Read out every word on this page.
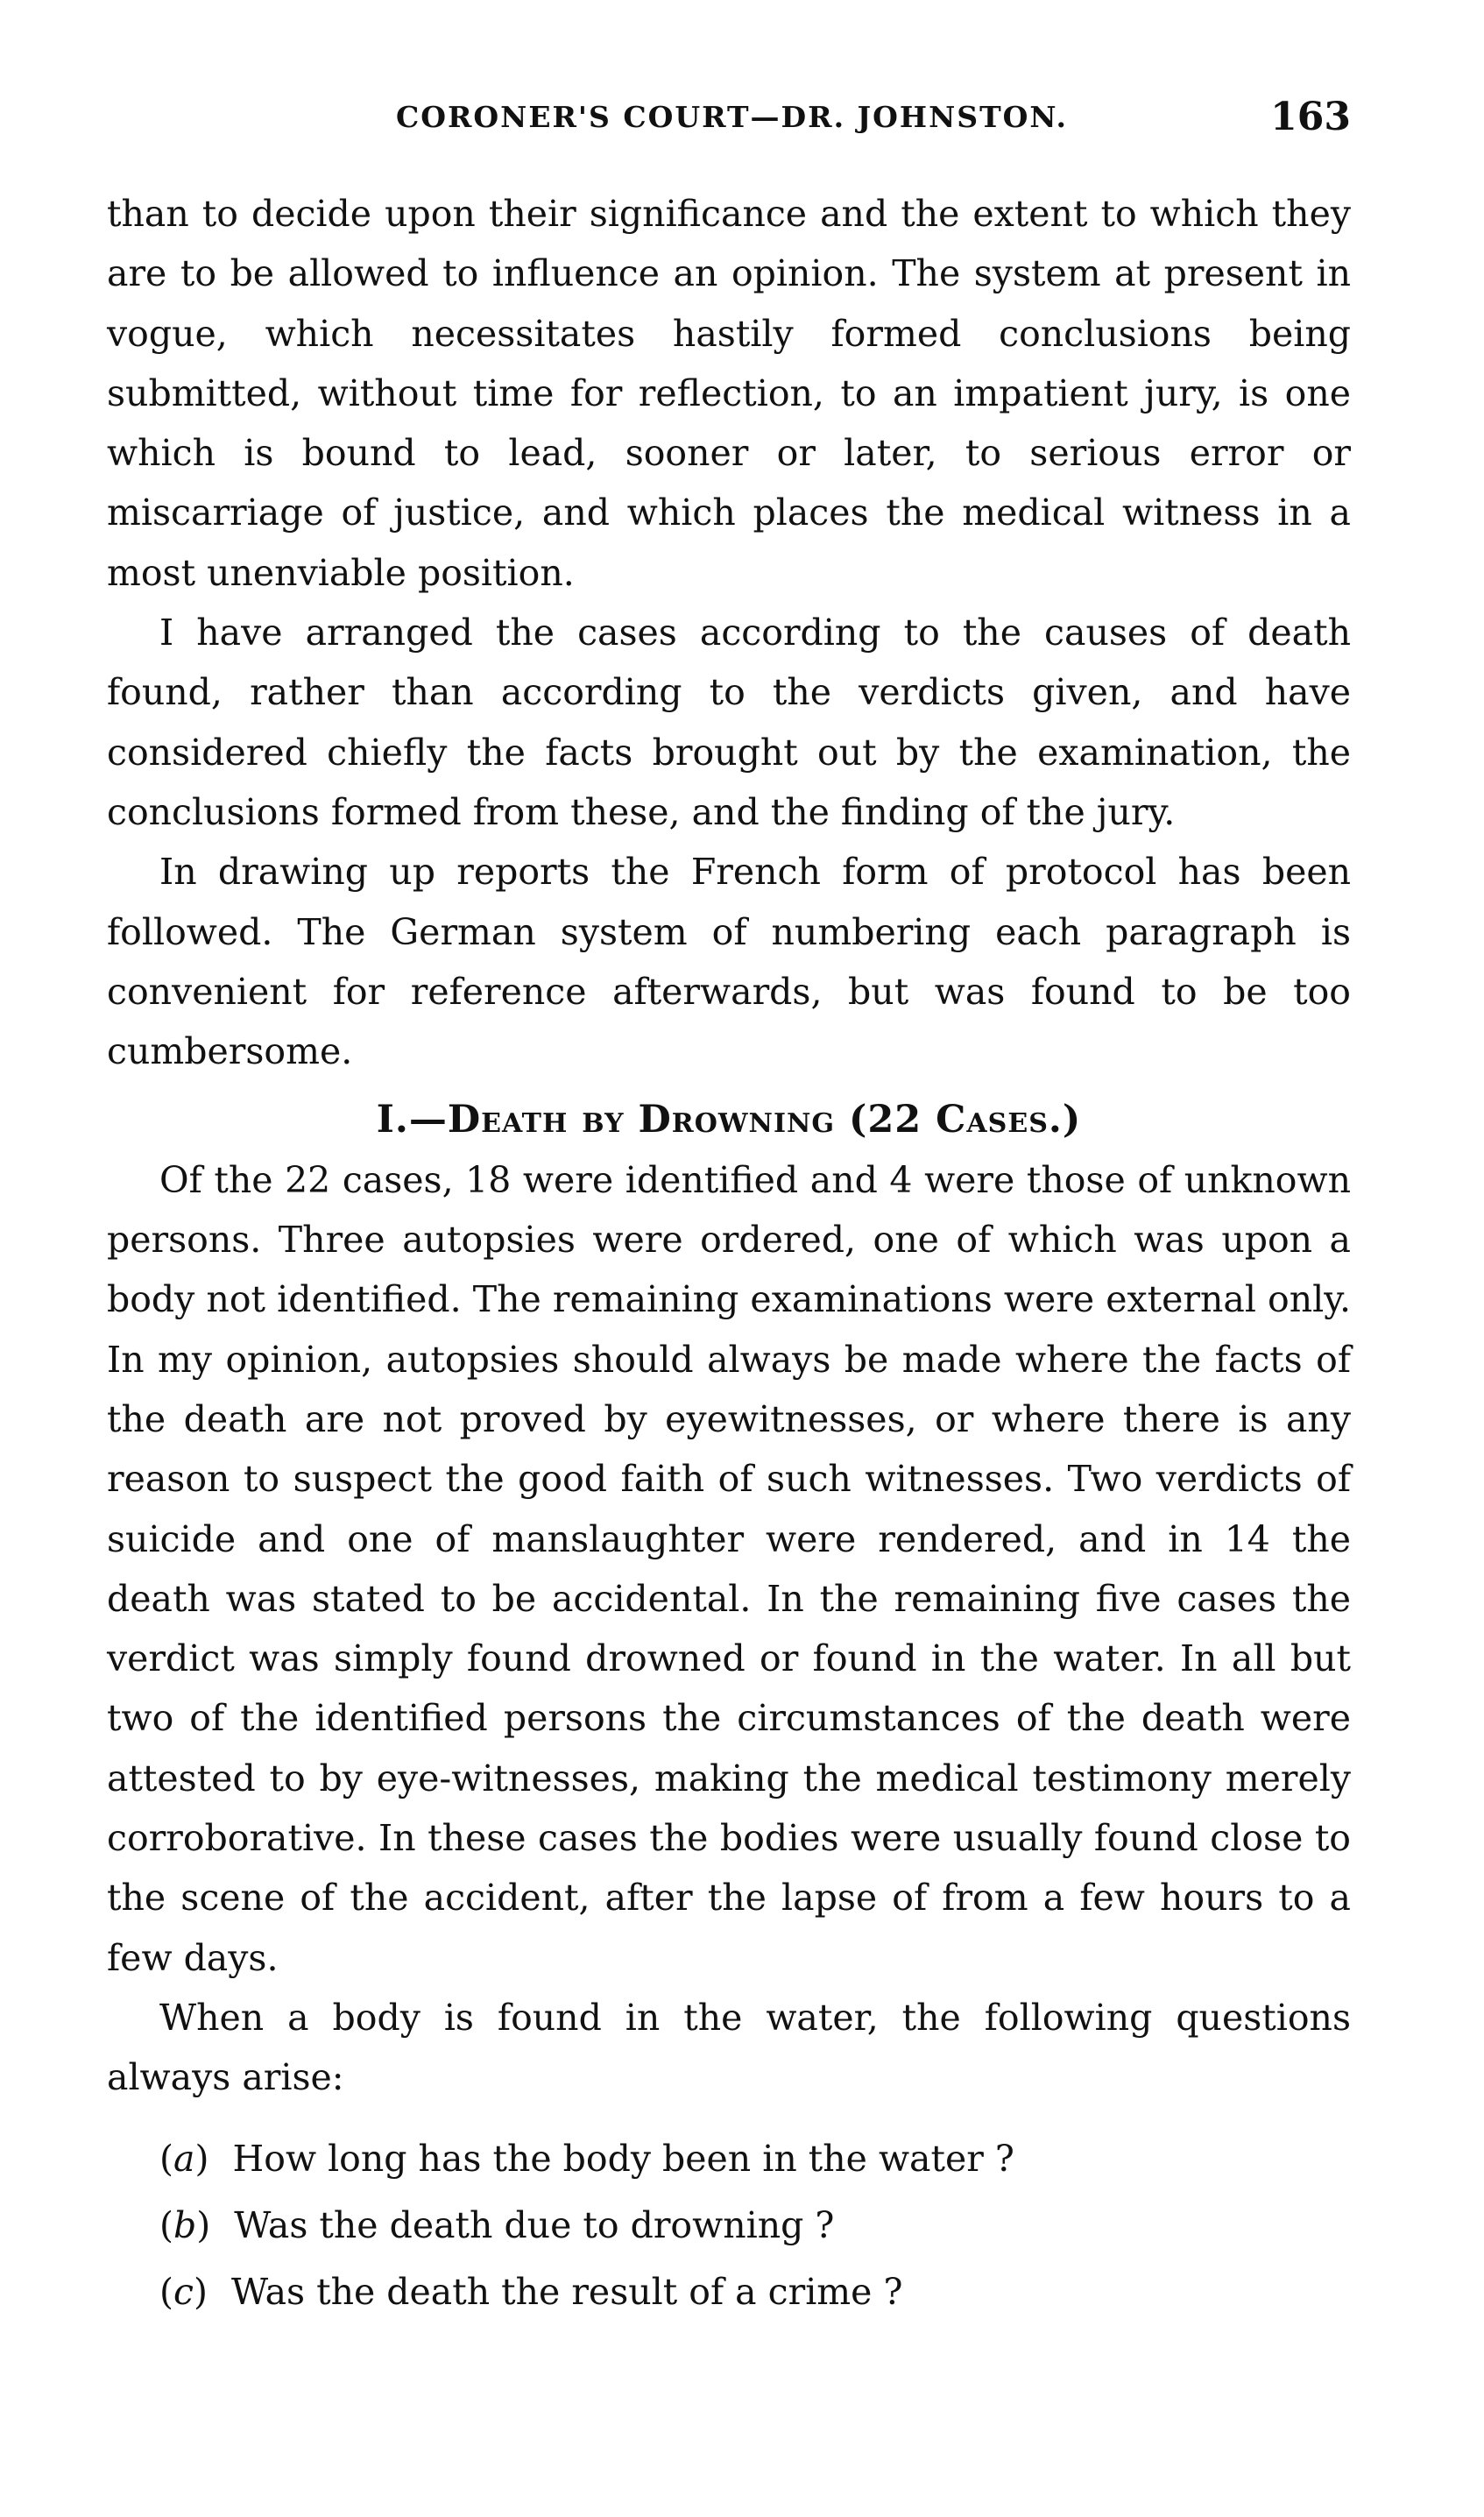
CORONER'S COURT—DR. JOHNSTON.	163

than to decide upon their significance and the extent to which they are to be allowed to influence an opinion. The system at present in vogue, which necessitates hastily formed conclusions being submitted, without time for reflection, to an impatient jury, is one which is bound to lead, sooner or later, to serious error or miscarriage of justice, and which places the medical witness in a most unenviable position.

I have arranged the cases according to the causes of death found, rather than according to the verdicts given, and have considered chiefly the facts brought out by the examination, the conclusions formed from these, and the finding of the jury.

In drawing up reports the French form of protocol has been followed. The German system of numbering each paragraph is convenient for reference afterwards, but was found to be too cumbersome.

I.—Death by Drowning (22 Cases.)

Of the 22 cases, 18 were identified and 4 were those of unknown persons. Three autopsies were ordered, one of which was upon a body not identified. The remaining examinations were external only. In my opinion, autopsies should always be made where the facts of the death are not proved by eyewitnesses, or where there is any reason to suspect the good faith of such witnesses. Two verdicts of suicide and one of manslaughter were rendered, and in 14 the death was stated to be accidental. In the remaining five cases the verdict was simply found drowned or found in the water. In all but two of the identified persons the circumstances of the death were attested to by eye-witnesses, making the medical testimony merely corroborative. In these cases the bodies were usually found close to the scene of the accident, after the lapse of from a few hours to a few days.

When a body is found in the water, the following questions always arise:

(a) How long has the body been in the water ?
(b) Was the death due to drowning ?
(c) Was the death the result of a crime ?
